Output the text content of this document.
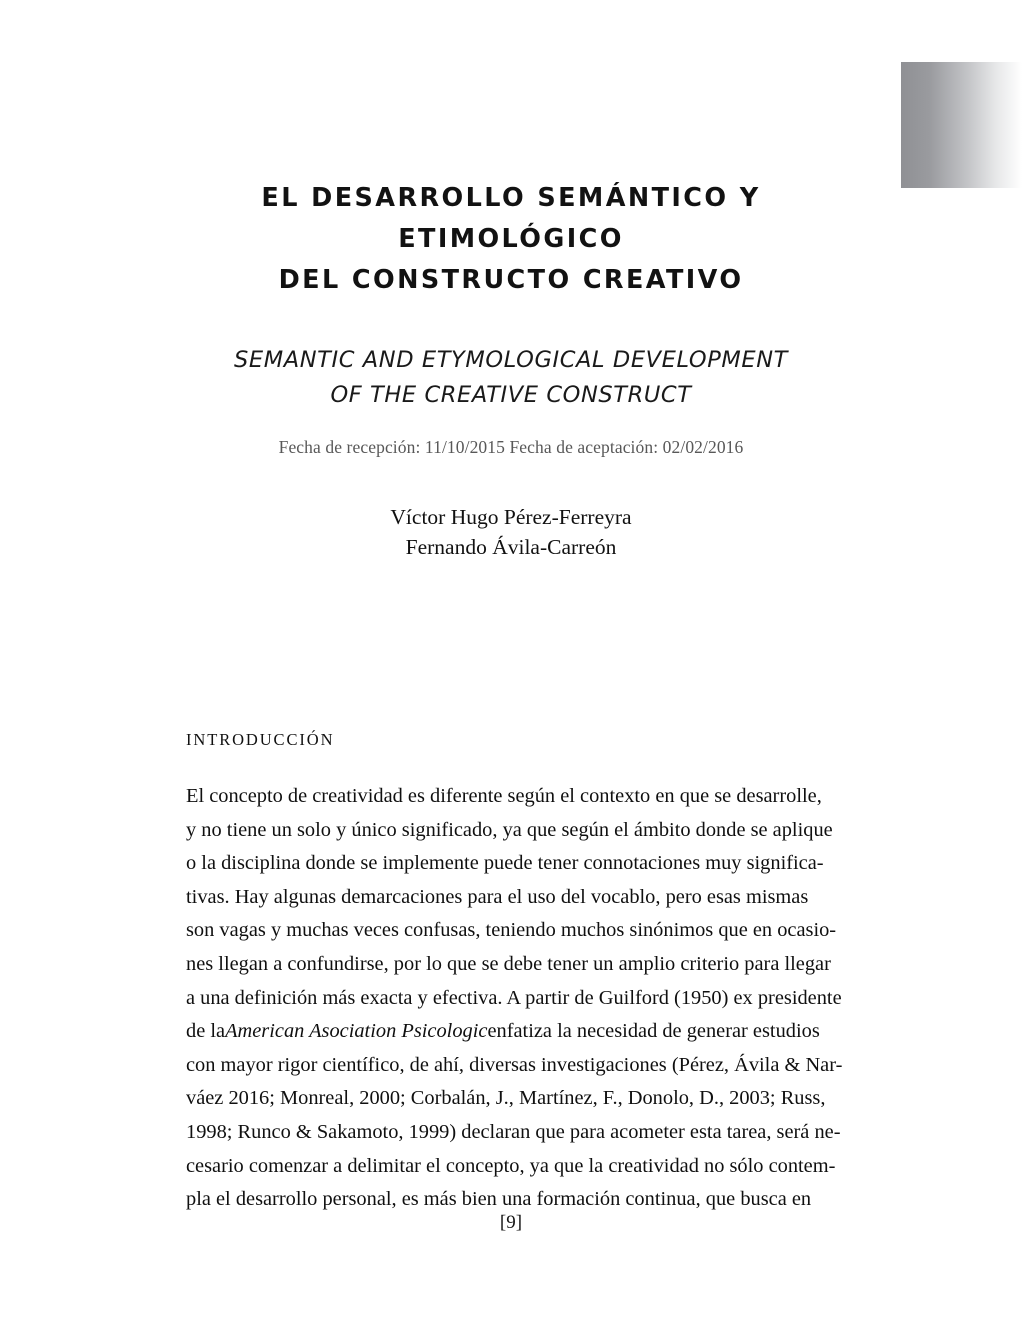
EL DESARROLLO SEMÁNTICO Y
ETIMOLÓGICO
DEL CONSTRUCTO CREATIVO
SEMANTIC AND ETYMOLOGICAL DEVELOPMENT
OF THE CREATIVE CONSTRUCT
Fecha de recepción: 11/10/2015 Fecha de aceptación: 02/02/2016
Víctor Hugo Pérez-Ferreyra
Fernando Ávila-Carreón
INTRODUCCIÓN
El concepto de creatividad es diferente según el contexto en que se desarrolle,
y no tiene un solo y único significado, ya que según el ámbito donde se aplique
o la disciplina donde se implemente puede tener connotaciones muy significa-
tivas. Hay algunas demarcaciones para el uso del vocablo, pero esas mismas
son vagas y muchas veces confusas, teniendo muchos sinónimos que en ocasio-
nes llegan a confundirse, por lo que se debe tener un amplio criterio para llegar
a una definición más exacta y efectiva. A partir de Guilford (1950) ex presidente
de laAmerican Asociation Psicologicenfatiza la necesidad de generar estudios
con mayor rigor científico, de ahí, diversas investigaciones (Pérez, Ávila & Nar-
váez 2016; Monreal, 2000; Corbalán, J., Martínez, F., Donolo, D., 2003; Russ,
1998; Runco & Sakamoto, 1999) declaran que para acometer esta tarea, será ne-
cesario comenzar a delimitar el concepto, ya que la creatividad no sólo contem-
pla el desarrollo personal, es más bien una formación continua, que busca en
[9]
